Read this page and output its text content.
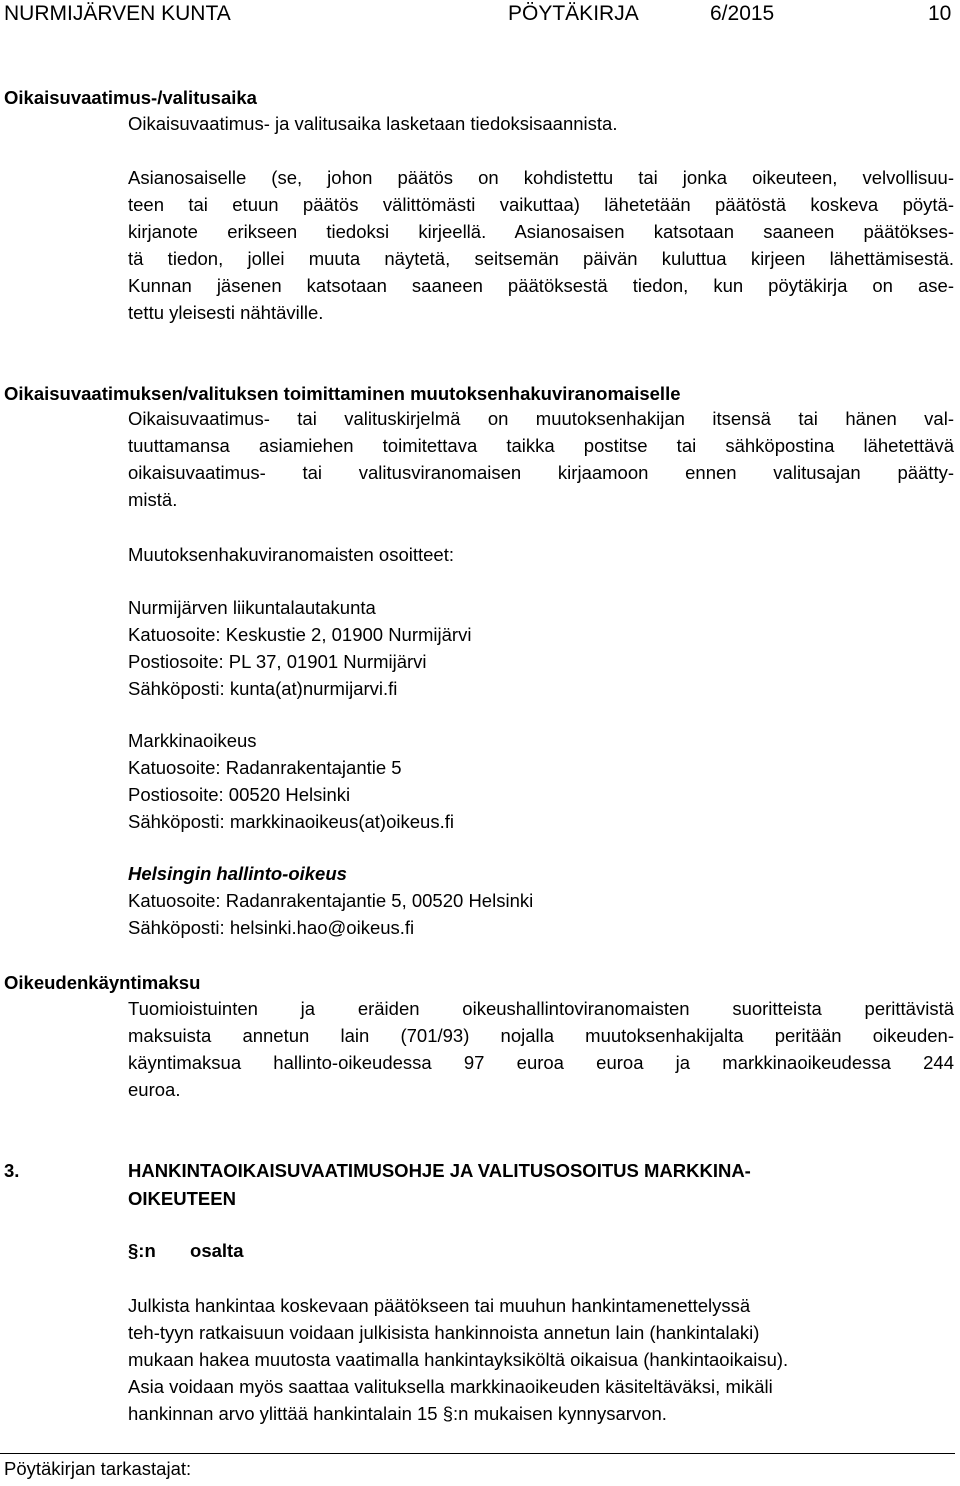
NURMIJÄRVEN KUNTA	PÖYTÄKIRJA	6/2015	10
Oikaisuvaatimus-/valitusaika
Oikaisuvaatimus- ja valitusaika lasketaan tiedoksisaannista.
Asianosaiselle (se, johon päätös on kohdistettu tai jonka oikeuteen, velvollisuu-
teen tai etuun päätös välittömästi vaikuttaa) lähetetään päätöstä koskeva pöytä-
kirjanote erikseen tiedoksi kirjeellä. Asianosaisen katsotaan saaneen päätökses-
tä tiedon, jollei muuta näytetä, seitsemän päivän kuluttua kirjeen lähettämisestä.
Kunnan jäsenen katsotaan saaneen päätöksestä tiedon, kun pöytäkirja on ase-
tettu yleisesti nähtäville.
Oikaisuvaatimuksen/valituksen toimittaminen muutoksenhakuviranomaiselle
Oikaisuvaatimus- tai valituskirjelmä on muutoksenhakijan itsensä tai hänen val-
tuuttamansa asiamiehen toimitettava taikka postitse tai sähköpostina lähetettävä
oikaisuvaatimus- tai valitusviranomaisen kirjaamoon ennen valitusajan päätty-
mistä.
Muutoksenhakuviranomaisten osoitteet:
Nurmijärven liikuntalautakunta
Katuosoite: Keskustie 2, 01900 Nurmijärvi
Postiosoite: PL 37, 01901 Nurmijärvi
Sähköposti: kunta(at)nurmijarvi.fi
Markkinaoikeus
Katuosoite: Radanrakentajantie 5
Postiosoite: 00520 Helsinki
Sähköposti: markkinaoikeus(at)oikeus.fi
Helsingin hallinto-oikeus
Katuosoite: Radanrakentajantie 5, 00520 Helsinki
Sähköposti: helsinki.hao@oikeus.fi
Oikeudenkäyntimaksu
Tuomioistuinten ja eräiden oikeushallintoviranomaisten suoritteista perittävistä
maksuista annetun lain (701/93) nojalla muutoksenhakijalta peritään oikeuden-
käyntimaksua hallinto-oikeudessa 97 euroa euroa ja markkinaoikeudessa 244
euroa.
3.	HANKINTAOIKAISUVAATIMUSOHJE JA VALITUSOSOITUS MARKKINA-
OIKEUTEEN
§:n osalta
Julkista hankintaa koskevaan päätökseen tai muuhun hankintamenettelyssä
teh-tyyn ratkaisuun voidaan julkisista hankinnoista annetun lain (hankintalaki)
mukaan hakea muutosta vaatimalla hankintayksiköltä oikaisua (hankintaoikaisu).
Asia voidaan myös saattaa valituksella markkinaoikeuden käsiteltäväksi, mikäli
hankinnan arvo ylittää hankintalain 15 §:n mukaisen kynnysarvon.
Pöytäkirjan tarkastajat:
